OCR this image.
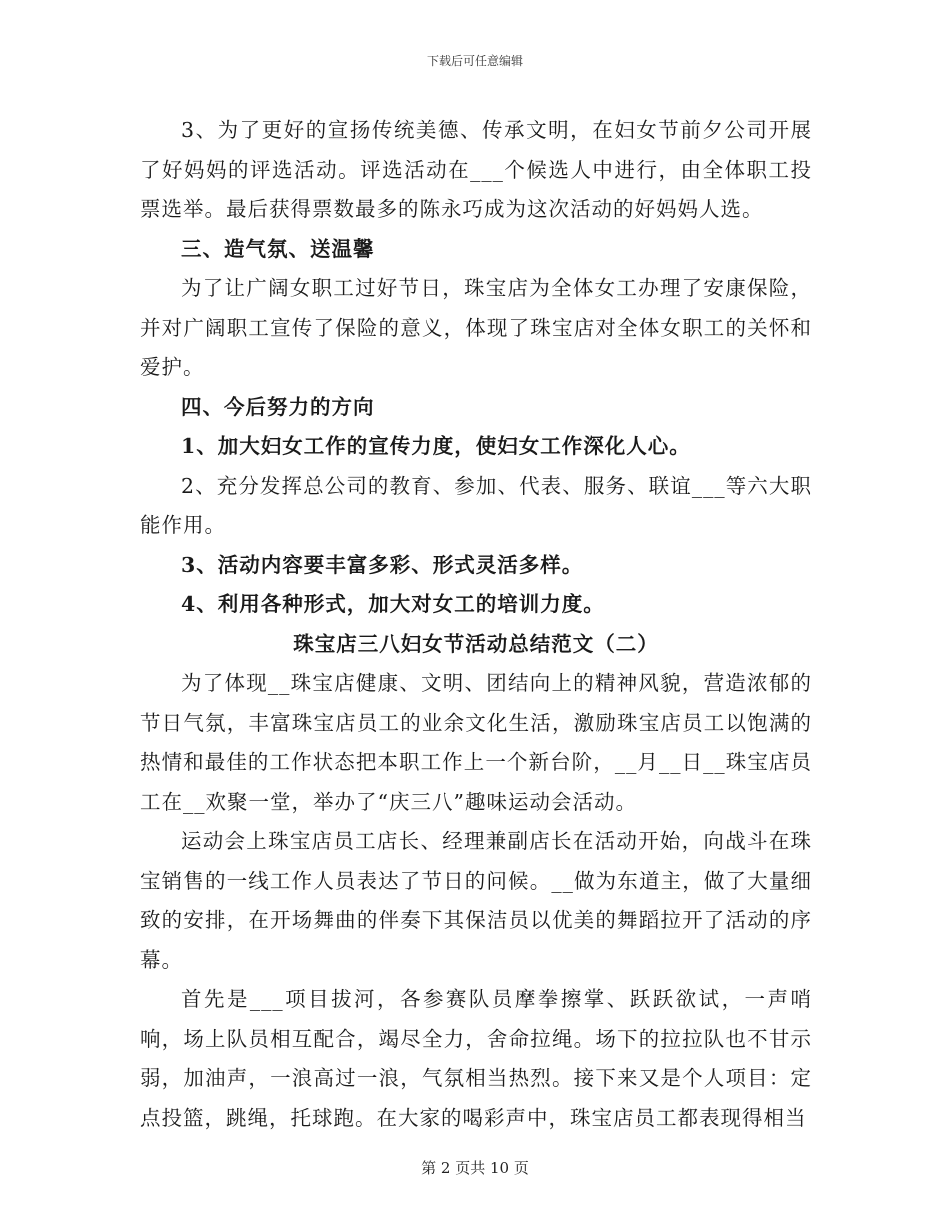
下载后可任意编辑

3、为了更好的宣扬传统美德、传承文明，在妇女节前夕公司开展了好妈妈的评选活动。评选活动在___个候选人中进行，由全体职工投票选举。最后获得票数最多的陈永巧成为这次活动的好妈妈人选。

三、造气氛、送温馨

为了让广阔女职工过好节日，珠宝店为全体女工办理了安康保险，并对广阔职工宣传了保险的意义，体现了珠宝店对全体女职工的关怀和爱护。

四、今后努力的方向

1、加大妇女工作的宣传力度，使妇女工作深化人心。

2、充分发挥总公司的教育、参加、代表、服务、联谊___等六大职能作用。

3、活动内容要丰富多彩、形式灵活多样。

4、利用各种形式，加大对女工的培训力度。

珠宝店三八妇女节活动总结范文（二）

为了体现__珠宝店健康、文明、团结向上的精神风貌，营造浓郁的节日气氛，丰富珠宝店员工的业余文化生活，激励珠宝店员工以饱满的热情和最佳的工作状态把本职工作上一个新台阶，__月__日__珠宝店员工在__欢聚一堂，举办了“庆三八”趣味运动会活动。

运动会上珠宝店员工店长、经理兼副店长在活动开始，向战斗在珠宝销售的一线工作人员表达了节日的问候。__做为东道主，做了大量细致的安排，在开场舞曲的伴奏下其保洁员以优美的舞蹈拉开了活动的序幕。

首先是___项目拔河，各参赛队员摩拳擦掌、跃跃欲试，一声哨响，场上队员相互配合，竭尽全力，舍命拉绳。场下的拉拉队也不甘示弱，加油声，一浪高过一浪，气氛相当热烈。接下来又是个人项目：定点投篮，跳绳，托球跑。在大家的喝彩声中，珠宝店员工都表现得相当

第 2 页共 10 页
